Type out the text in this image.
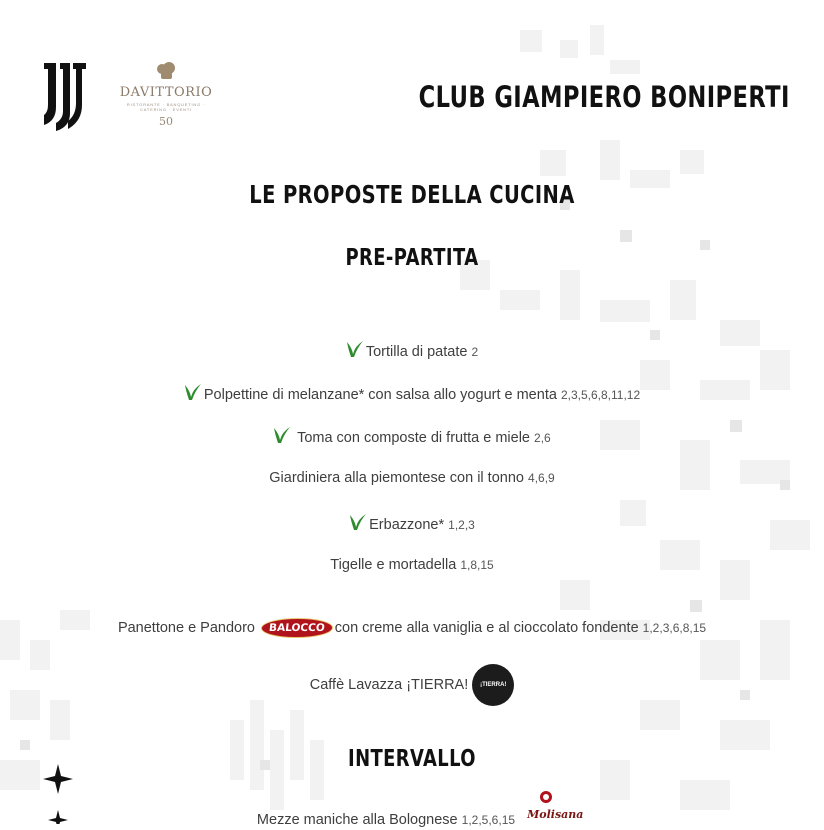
DAVITTORIO
RISTORANTE · BANQUETING · CATERING · EVENTI
50
CLUB GIAMPIERO BONIPERTI
LE PROPOSTE DELLA CUCINA
PRE-PARTITA
Tortilla di patate 2
Polpettine di melanzane* con salsa allo yogurt e menta 2,3,5,6,8,11,12
Toma con composte di frutta e miele 2,6
Giardiniera alla piemontese con il tonno 4,6,9
Erbazzone* 1,2,3
Tigelle e mortadella 1,8,15
Panettone e Pandoro BALOCCO con creme alla vaniglia e al cioccolato fondente 1,2,3,6,8,15
Caffè Lavazza ¡TIERRA! ¡TIERRA!
INTERVALLO
Mezze maniche alla Bolognese 1,2,5,6,15 Molisana
